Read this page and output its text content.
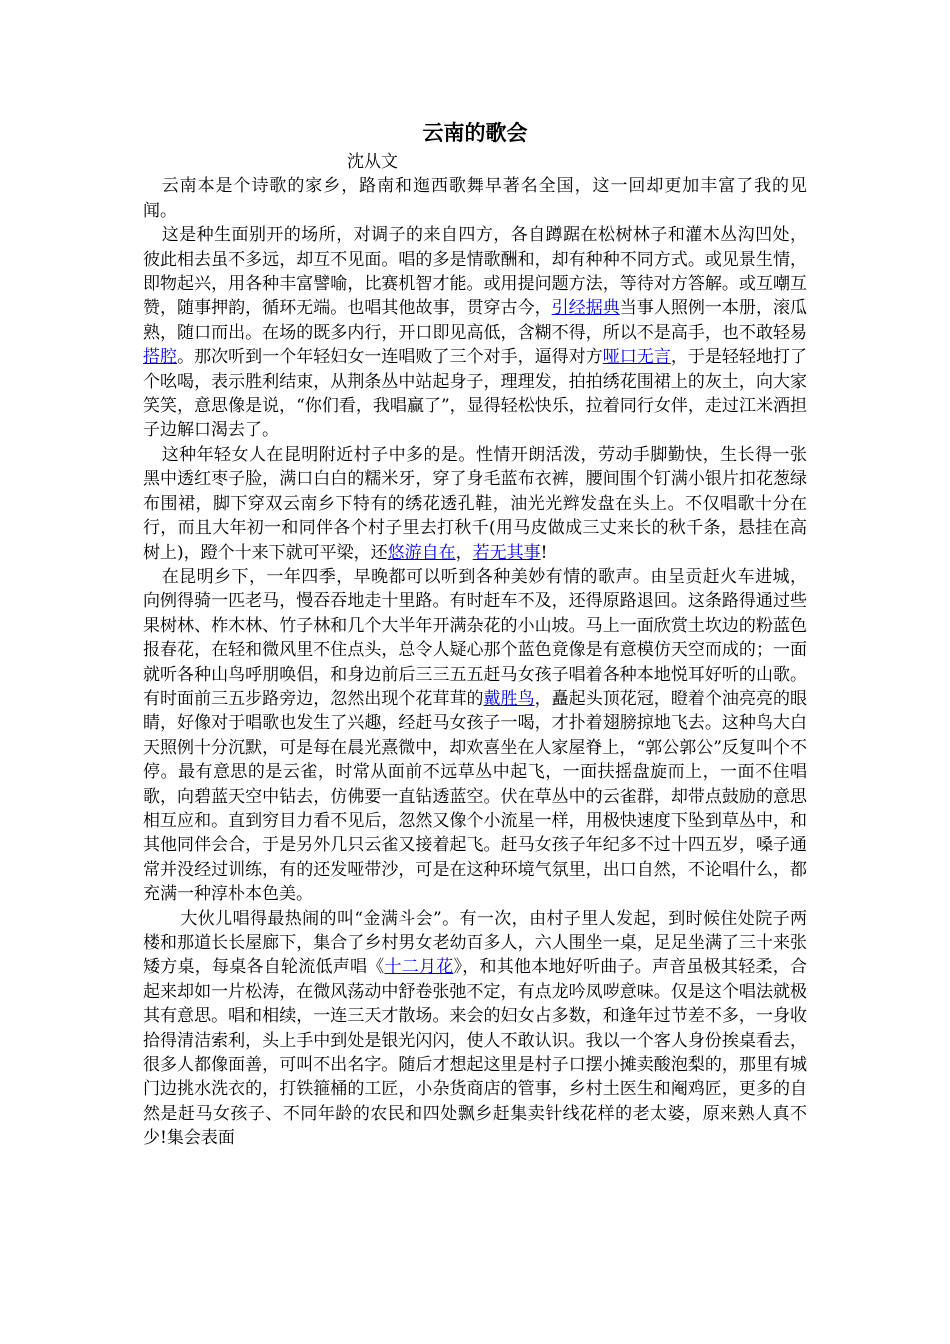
云南的歌会
沈从文

云南本是个诗歌的家乡，路南和迤西歌舞早著名全国，这一回却更加丰富了我的见闻。

这是种生面别开的场所，对调子的来自四方，各自蹲踞在松树林子和灌木丛沟凹处，彼此相去虽不多远，却互不见面。唱的多是情歌酬和，却有种种不同方式。或见景生情，即物起兴，用各种丰富譬喻，比赛机智才能。或用提问题方法，等待对方答解。或互嘲互赞，随事押韵，循环无端。也唱其他故事，贯穿古今，引经据典当事人照例一本册，滚瓜熟，随口而出。在场的既多内行，开口即见高低，含糊不得，所以不是高手，也不敢轻易搭腔。那次听到一个年轻妇女一连唱败了三个对手，逼得对方哑口无言，于是轻轻地打了个吆喝，表示胜利结束，从荆条丛中站起身子，理理发，拍拍绣花围裙上的灰土，向大家笑笑，意思像是说，“你们看，我唱赢了”，显得轻松快乐，拉着同行女伴，走过江米酒担子边解口渴去了。

这种年轻女人在昆明附近村子中多的是。性情开朗活泼，劳动手脚勤快，生长得一张黑中透红枣子脸，满口白白的糯米牙，穿了身毛蓝布衣裤，腰间围个钉满小银片扣花葱绿布围裙，脚下穿双云南乡下特有的绣花透孔鞋，油光光辫发盘在头上。不仅唱歌十分在行，而且大年初一和同伴各个村子里去打秋千(用马皮做成三丈来长的秋千条，悬挂在高树上)，蹬个十来下就可平梁，还悠游自在，若无其事!

在昆明乡下，一年四季，早晚都可以听到各种美妙有情的歌声。由呈贡赶火车进城，向例得骑一匹老马，慢吞吞地走十里路。有时赶车不及，还得原路退回。这条路得通过些果树林、柞木林、竹子林和几个大半年开满杂花的小山坡。马上一面欣赏土坎边的粉蓝色报春花，在轻和微风里不住点头，总令人疑心那个蓝色竟像是有意模仿天空而成的；一面就听各种山鸟呼朋唤侣，和身边前后三三五五赶马女孩子唱着各种本地悦耳好听的山歌。有时面前三五步路旁边，忽然出现个花茸茸的戴胜鸟，矗起头顶花冠，瞪着个油亮亮的眼睛，好像对于唱歌也发生了兴趣，经赶马女孩子一喝，才扑着翅膀掠地飞去。这种鸟大白天照例十分沉默，可是每在晨光熹微中，却欢喜坐在人家屋脊上，“郭公郭公”反复叫个不停。最有意思的是云雀，时常从面前不远草丛中起飞，一面扶摇盘旋而上，一面不住唱歌，向碧蓝天空中钻去，仿佛要一直钻透蓝空。伏在草丛中的云雀群，却带点鼓励的意思相互应和。直到穷目力看不见后，忽然又像个小流星一样，用极快速度下坠到草丛中，和其他同伴会合，于是另外几只云雀又接着起飞。赶马女孩子年纪多不过十四五岁，嗓子通常并没经过训练，有的还发哑带沙，可是在这种环境气氛里，出口自然，不论唱什么，都充满一种淳朴本色美。

大伙儿唱得最热闹的叫“金满斗会”。有一次，由村子里人发起，到时候住处院子两楼和那道长长屋廊下，集合了乡村男女老幼百多人，六人围坐一桌，足足坐满了三十来张矮方桌，每桌各自轮流低声唱《十二月花》，和其他本地好听曲子。声音虽极其轻柔，合起来却如一片松涛，在微风荡动中舒卷张弛不定，有点龙吟凤哕意味。仅是这个唱法就极其有意思。唱和相续，一连三天才散场。来会的妇女占多数，和逢年过节差不多，一身收拾得清洁索利，头上手中到处是银光闪闪，使人不敢认识。我以一个客人身份挨桌看去，很多人都像面善，可叫不出名字。随后才想起这里是村子口摆小摊卖酸泡梨的，那里有城门边挑水洗衣的，打铁箍桶的工匠，小杂货商店的管事，乡村土医生和阉鸡匠，更多的自然是赶马女孩子、不同年龄的农民和四处飘乡赶集卖针线花样的老太婆，原来熟人真不少!集会表面
